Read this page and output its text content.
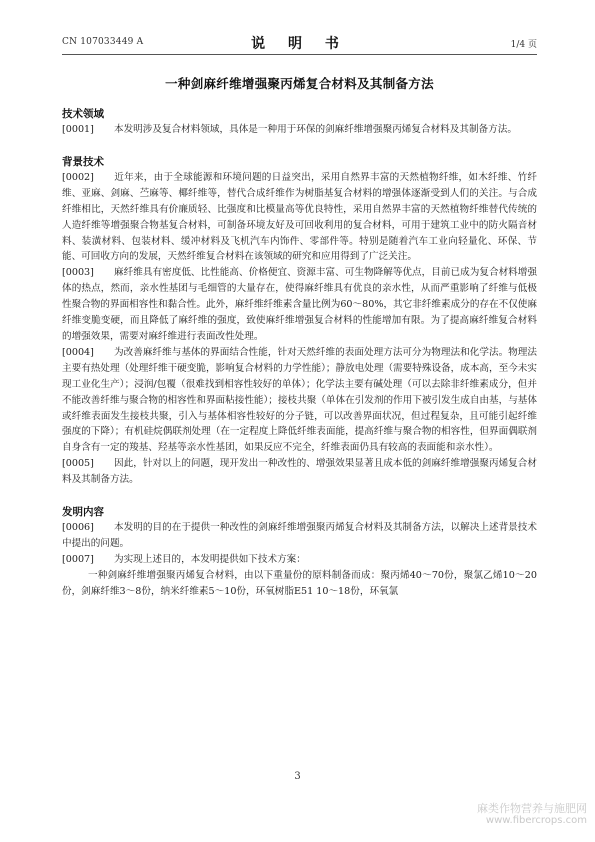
CN 107033449 A	说 明 书	1/4 页
一种剑麻纤维增强聚丙烯复合材料及其制备方法

技术领域

[0001] 本发明涉及复合材料领域，具体是一种用于环保的剑麻纤维增强聚丙烯复合材料及其制备方法。

背景技术

[0002] 近年来，由于全球能源和环境问题的日益突出，采用自然界丰富的天然植物纤维，如木纤维、竹纤维、亚麻、剑麻、苎麻等、椰纤维等，替代合成纤维作为树脂基复合材料的增强体逐渐受到人们的关注。与合成纤维相比，天然纤维具有价廉质轻、比强度和比模量高等优良特性，采用自然界丰富的天然植物纤维替代传统的人造纤维等增强聚合物基复合材料，可制备环境友好及可回收利用的复合材料，可用于建筑工业中的防火隔音材料、装潢材料、包装材料、缓冲材料及飞机汽车内饰件、零部件等。特别是随着汽车工业向轻量化、环保、节能、可回收方向的发展，天然纤维复合材料在该领域的研究和应用得到了广泛关注。

[0003] 麻纤维具有密度低、比性能高、价格便宜、资源丰富、可生物降解等优点，目前已成为复合材料增强体的热点，然而，亲水性基团与毛细管的大量存在，使得麻纤维具有优良的亲水性，从而严重影响了纤维与低极性聚合物的界面相容性和黏合性。此外，麻纤维纤维素含量比例为60～80%，其它非纤维素成分的存在不仅使麻纤维变脆变硬，而且降低了麻纤维的强度，致使麻纤维增强复合材料的性能增加有限。为了提高麻纤维复合材料的增强效果，需要对麻纤维进行表面改性处理。

[0004] 为改善麻纤维与基体的界面结合性能，针对天然纤维的表面处理方法可分为物理法和化学法。物理法主要有热处理（处理纤维干硬变脆，影响复合材料的力学性能）；静放电处理（需要特殊设备，成本高，至今未实现工业化生产）；浸润/包覆（很难找到相容性较好的单体）；化学法主要有碱处理（可以去除非纤维素成分，但并不能改善纤维与聚合物的相容性和界面粘接性能）；接枝共聚（单体在引发剂的作用下被引发生成自由基，与基体或纤维表面发生接枝共聚，引入与基体相容性较好的分子链，可以改善界面状况，但过程复杂，且可能引起纤维强度的下降）；有机硅烷偶联剂处理（在一定程度上降低纤维表面能，提高纤维与聚合物的相容性，但界面偶联剂自身含有一定的羧基、羟基等亲水性基团，如果反应不完全，纤维表面仍具有较高的表面能和亲水性）。

[0005] 因此，针对以上的问题，现开发出一种改性的、增强效果显著且成本低的剑麻纤维增强聚丙烯复合材料及其制备方法。

发明内容

[0006] 本发明的目的在于提供一种改性的剑麻纤维增强聚丙烯复合材料及其制备方法，以解决上述背景技术中提出的问题。

[0007] 为实现上述目的，本发明提供如下技术方案：

一种剑麻纤维增强聚丙烯复合材料，由以下重量份的原料制备而成：聚丙烯40～70份，聚氯乙烯10～20份，剑麻纤维3～8份，纳米纤维素5～10份，环氧树脂E51 10～18份，环氧氯

3
麻类作物营养与施肥网
www.fibercrops.com
